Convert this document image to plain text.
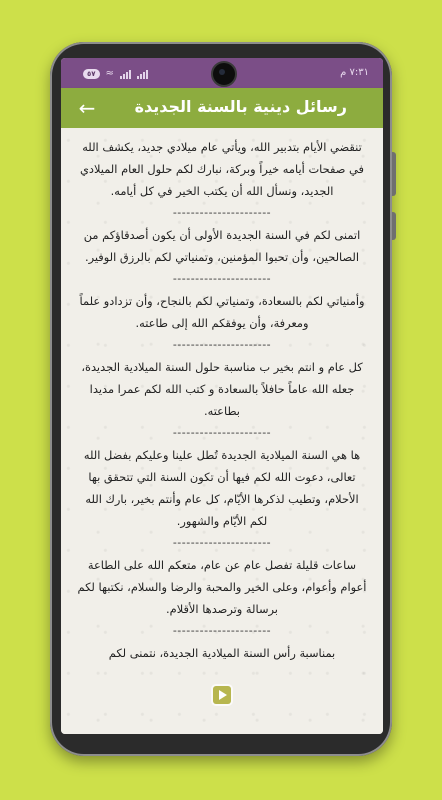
٥٧	≈	٧:٣١ م
← رسائل دينية بالسنة الجديدة

تنقضي الأيام بتدبير الله، ويأتي عام ميلادي جديد، يكشف الله في صفحات أيامه خيراً وبركة، نبارك لكم حلول العام الميلادي الجديد، ونسأل الله أن يكتب الخير في كل أيامه.

----------------------

اتمنى لكم في السنة الجديدة الأولى أن يكون أصدقاؤكم من الصالحين، وأن تحبوا المؤمنين، وتمنياتي لكم بالرزق الوفير.

----------------------

وأمنياتي لكم بالسعادة، وتمنياتي لكم بالنجاح، وأن تزدادو علماً ومعرفة، وأن يوفقكم الله إلى طاعته.

----------------------

كل عام و انتم بخير ب مناسبة حلول السنة الميلادية الجديدة، جعله الله عاماً حافلاً بالسعادة و كتب الله لكم عمرا مديدا بطاعته.

----------------------

ها هي السنة الميلادية الجديدة تُطل علينا وعليكم بفضل الله تعالى، دعوت الله لكم فيها أن تكون السنة التي تتحقق بها الأحلام، وتطيب لذكرها الأيّام، كل عام وأنتم بخير، بارك الله لكم الأيّام والشهور.

----------------------

ساعات قليلة تفصل عام عن عام، متعكم الله على الطاعة أعوام وأعوام، وعلى الخير والمحبة والرضا والسلام، نكتبها لكم برسالة وترصدها الأقلام.

----------------------

بمناسبة رأس السنة الميلادية الجديدة، نتمنى لكم
